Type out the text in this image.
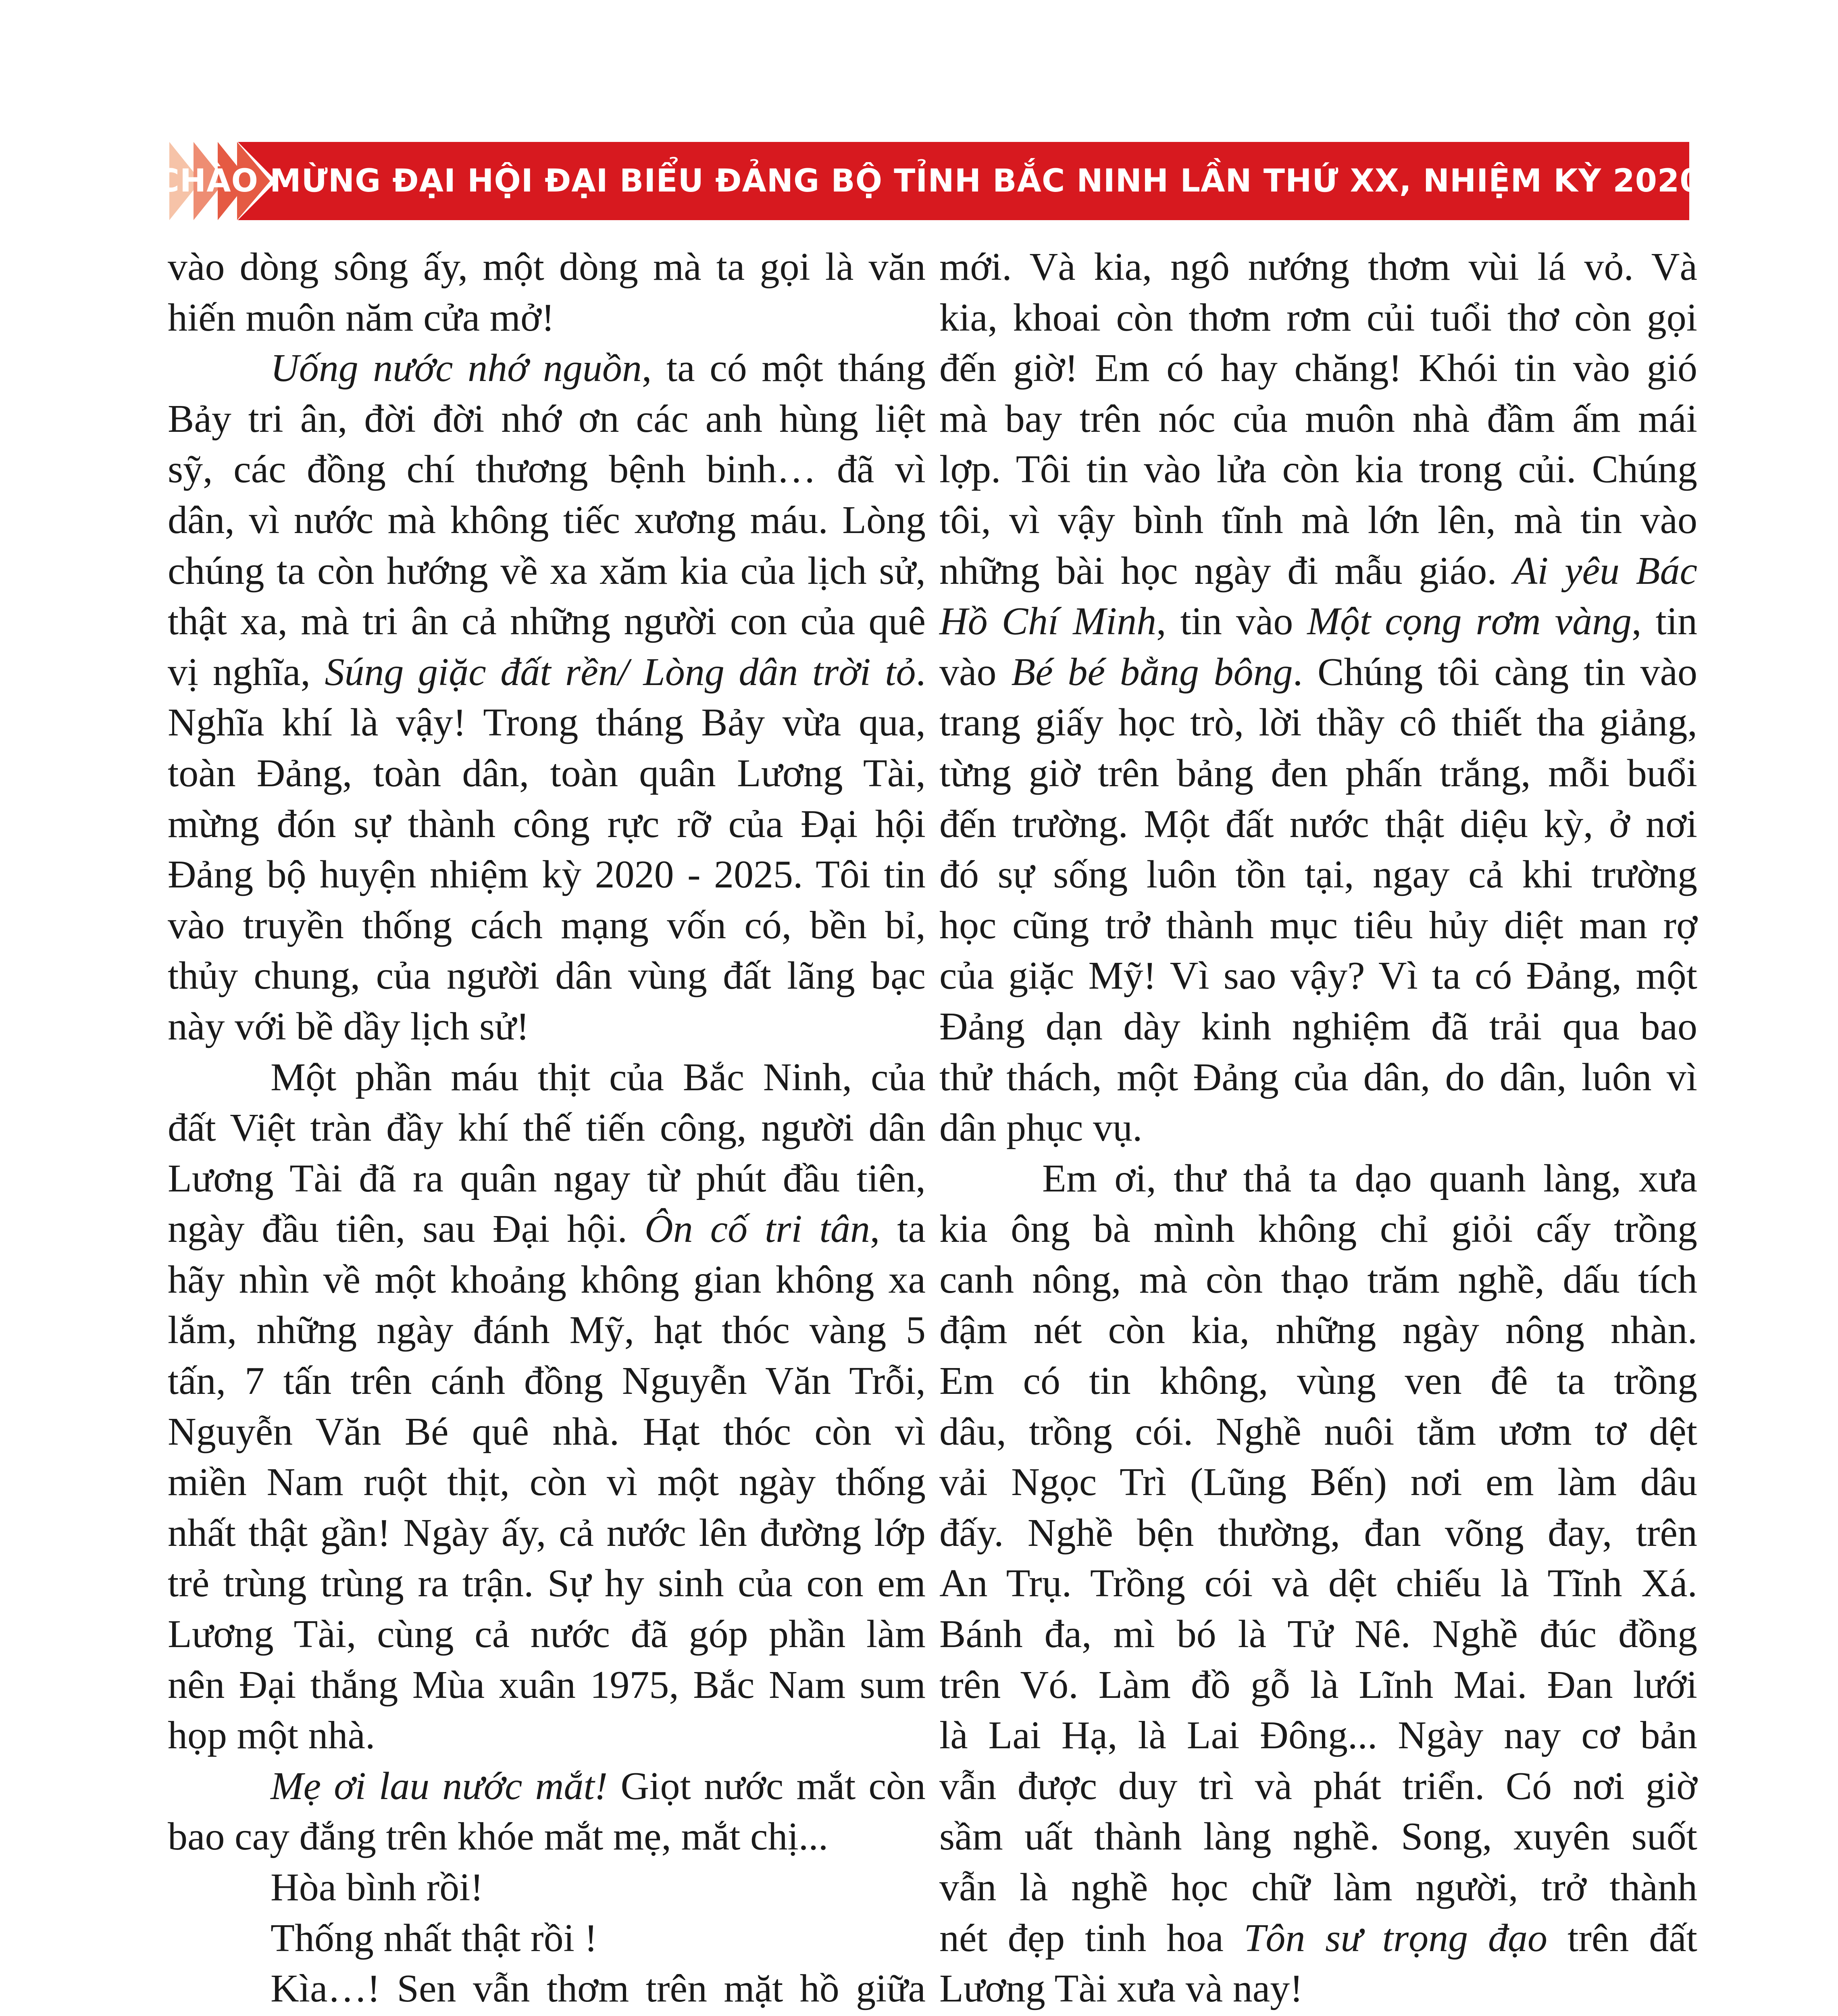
CHÀO MỪNG ĐẠI HỘI ĐẠI BIỂU ĐẢNG BỘ TỈNH BẮC NINH LẦN THỨ XX, NHIỆM KỲ 2020 - 2025
vào dòng sông ấy, một dòng mà ta gọi là văn
hiến muôn năm cửa mở!
Uống nước nhớ nguồn, ta có một tháng
Bảy tri ân, đời đời nhớ ơn các anh hùng liệt
sỹ, các đồng chí thương bệnh binh… đã vì
dân, vì nước mà không tiếc xương máu. Lòng
chúng ta còn hướng về xa xăm kia của lịch sử,
thật xa, mà tri ân cả những người con của quê
vị nghĩa, Súng giặc đất rền/ Lòng dân trời tỏ.
Nghĩa khí là vậy! Trong tháng Bảy vừa qua,
toàn Đảng, toàn dân, toàn quân Lương Tài,
mừng đón sự thành công rực rỡ của Đại hội
Đảng bộ huyện nhiệm kỳ 2020 - 2025. Tôi tin
vào truyền thống cách mạng vốn có, bền bỉ,
thủy chung, của người dân vùng đất lãng bạc
này với bề dầy lịch sử!
Một phần máu thịt của Bắc Ninh, của
đất Việt tràn đầy khí thế tiến công, người dân
Lương Tài đã ra quân ngay từ phút đầu tiên,
ngày đầu tiên, sau Đại hội. Ôn cố tri tân, ta
hãy nhìn về một khoảng không gian không xa
lắm, những ngày đánh Mỹ, hạt thóc vàng 5
tấn, 7 tấn trên cánh đồng Nguyễn Văn Trỗi,
Nguyễn Văn Bé quê nhà. Hạt thóc còn vì
miền Nam ruột thịt, còn vì một ngày thống
nhất thật gần! Ngày ấy, cả nước lên đường lớp
trẻ trùng trùng ra trận. Sự hy sinh của con em
Lương Tài, cùng cả nước đã góp phần làm
nên Đại thắng Mùa xuân 1975, Bắc Nam sum
họp một nhà.
Mẹ ơi lau nước mắt! Giọt nước mắt còn
bao cay đắng trên khóe mắt mẹ, mắt chị...
Hòa bình rồi!
Thống nhất thật rồi !
Kìa…! Sen vẫn thơm trên mặt hồ giữa
mới. Và kia, ngô nướng thơm vùi lá vỏ. Và
kia, khoai còn thơm rơm củi tuổi thơ còn gọi
đến giờ! Em có hay chăng! Khói tin vào gió
mà bay trên nóc của muôn nhà đầm ấm mái
lợp. Tôi tin vào lửa còn kia trong củi. Chúng
tôi, vì vậy bình tĩnh mà lớn lên, mà tin vào
những bài học ngày đi mẫu giáo. Ai yêu Bác
Hồ Chí Minh, tin vào Một cọng rơm vàng, tin
vào Bé bé bằng bông. Chúng tôi càng tin vào
trang giấy học trò, lời thầy cô thiết tha giảng,
từng giờ trên bảng đen phấn trắng, mỗi buổi
đến trường. Một đất nước thật diệu kỳ, ở nơi
đó sự sống luôn tồn tại, ngay cả khi trường
học cũng trở thành mục tiêu hủy diệt man rợ
của giặc Mỹ! Vì sao vậy? Vì ta có Đảng, một
Đảng dạn dày kinh nghiệm đã trải qua bao
thử thách, một Đảng của dân, do dân, luôn vì
dân phục vụ.
Em ơi, thư thả ta dạo quanh làng, xưa
kia ông bà mình không chỉ giỏi cấy trồng
canh nông, mà còn thạo trăm nghề, dấu tích
đậm nét còn kia, những ngày nông nhàn.
Em có tin không, vùng ven đê ta trồng
dâu, trồng cói. Nghề nuôi tằm ươm tơ dệt
vải Ngọc Trì (Lũng Bến) nơi em làm dâu
đấy. Nghề bện thường, đan võng đay, trên
An Trụ. Trồng cói và dệt chiếu là Tĩnh Xá.
Bánh đa, mì bó là Tử Nê. Nghề đúc đồng
trên Vó. Làm đồ gỗ là Lĩnh Mai. Đan lưới
là Lai Hạ, là Lai Đông... Ngày nay cơ bản
vẫn được duy trì và phát triển. Có nơi giờ
sầm uất thành làng nghề. Song, xuyên suốt
vẫn là nghề học chữ làm người, trở thành
nét đẹp tinh hoa Tôn sư trọng đạo trên đất
Lương Tài xưa và nay!
